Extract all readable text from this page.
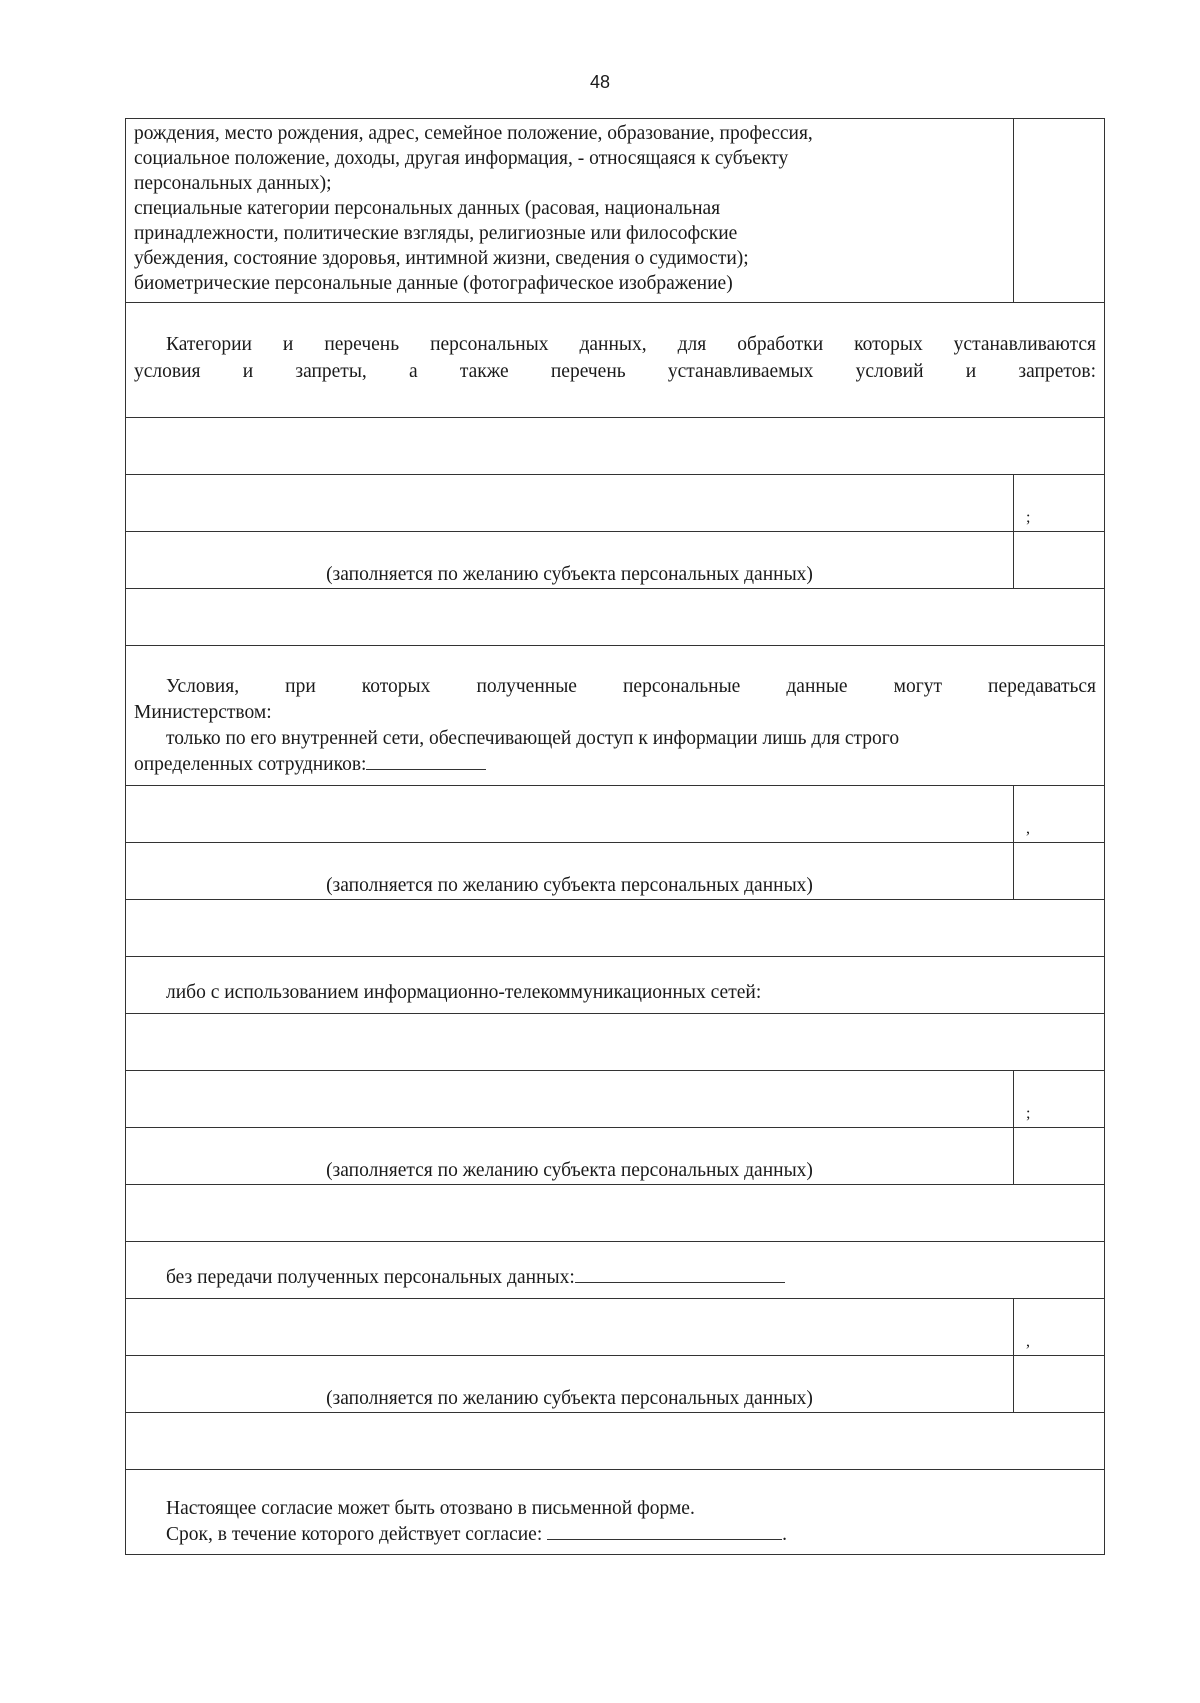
48
рождения, место рождения, адрес, семейное положение, образование, профессия,
социальное положение, доходы, другая информация, - относящаяся к субъекту
персональных данных);
специальные категории персональных данных (расовая, национальная
принадлежности, политические взгляды, религиозные или философские
убеждения, состояние здоровья, интимной жизни, сведения о судимости);
биометрические персональные данные (фотографическое изображение)
Категории и перечень персональных данных, для обработки которых устанавливаются
условия и запреты, а также перечень устанавливаемых условий и запретов:
;
(заполняется по желанию субъекта персональных данных)
Условия, при которых полученные персональные данные могут передаваться
Министерством:
только по его внутренней сети, обеспечивающей доступ к информации лишь для строго
определенных сотрудников:
,
(заполняется по желанию субъекта персональных данных)
либо с использованием информационно-телекоммуникационных сетей:
;
(заполняется по желанию субъекта персональных данных)
без передачи полученных персональных данных:
,
(заполняется по желанию субъекта персональных данных)
Настоящее согласие может быть отозвано в письменной форме.
Срок, в течение которого действует согласие:	.
